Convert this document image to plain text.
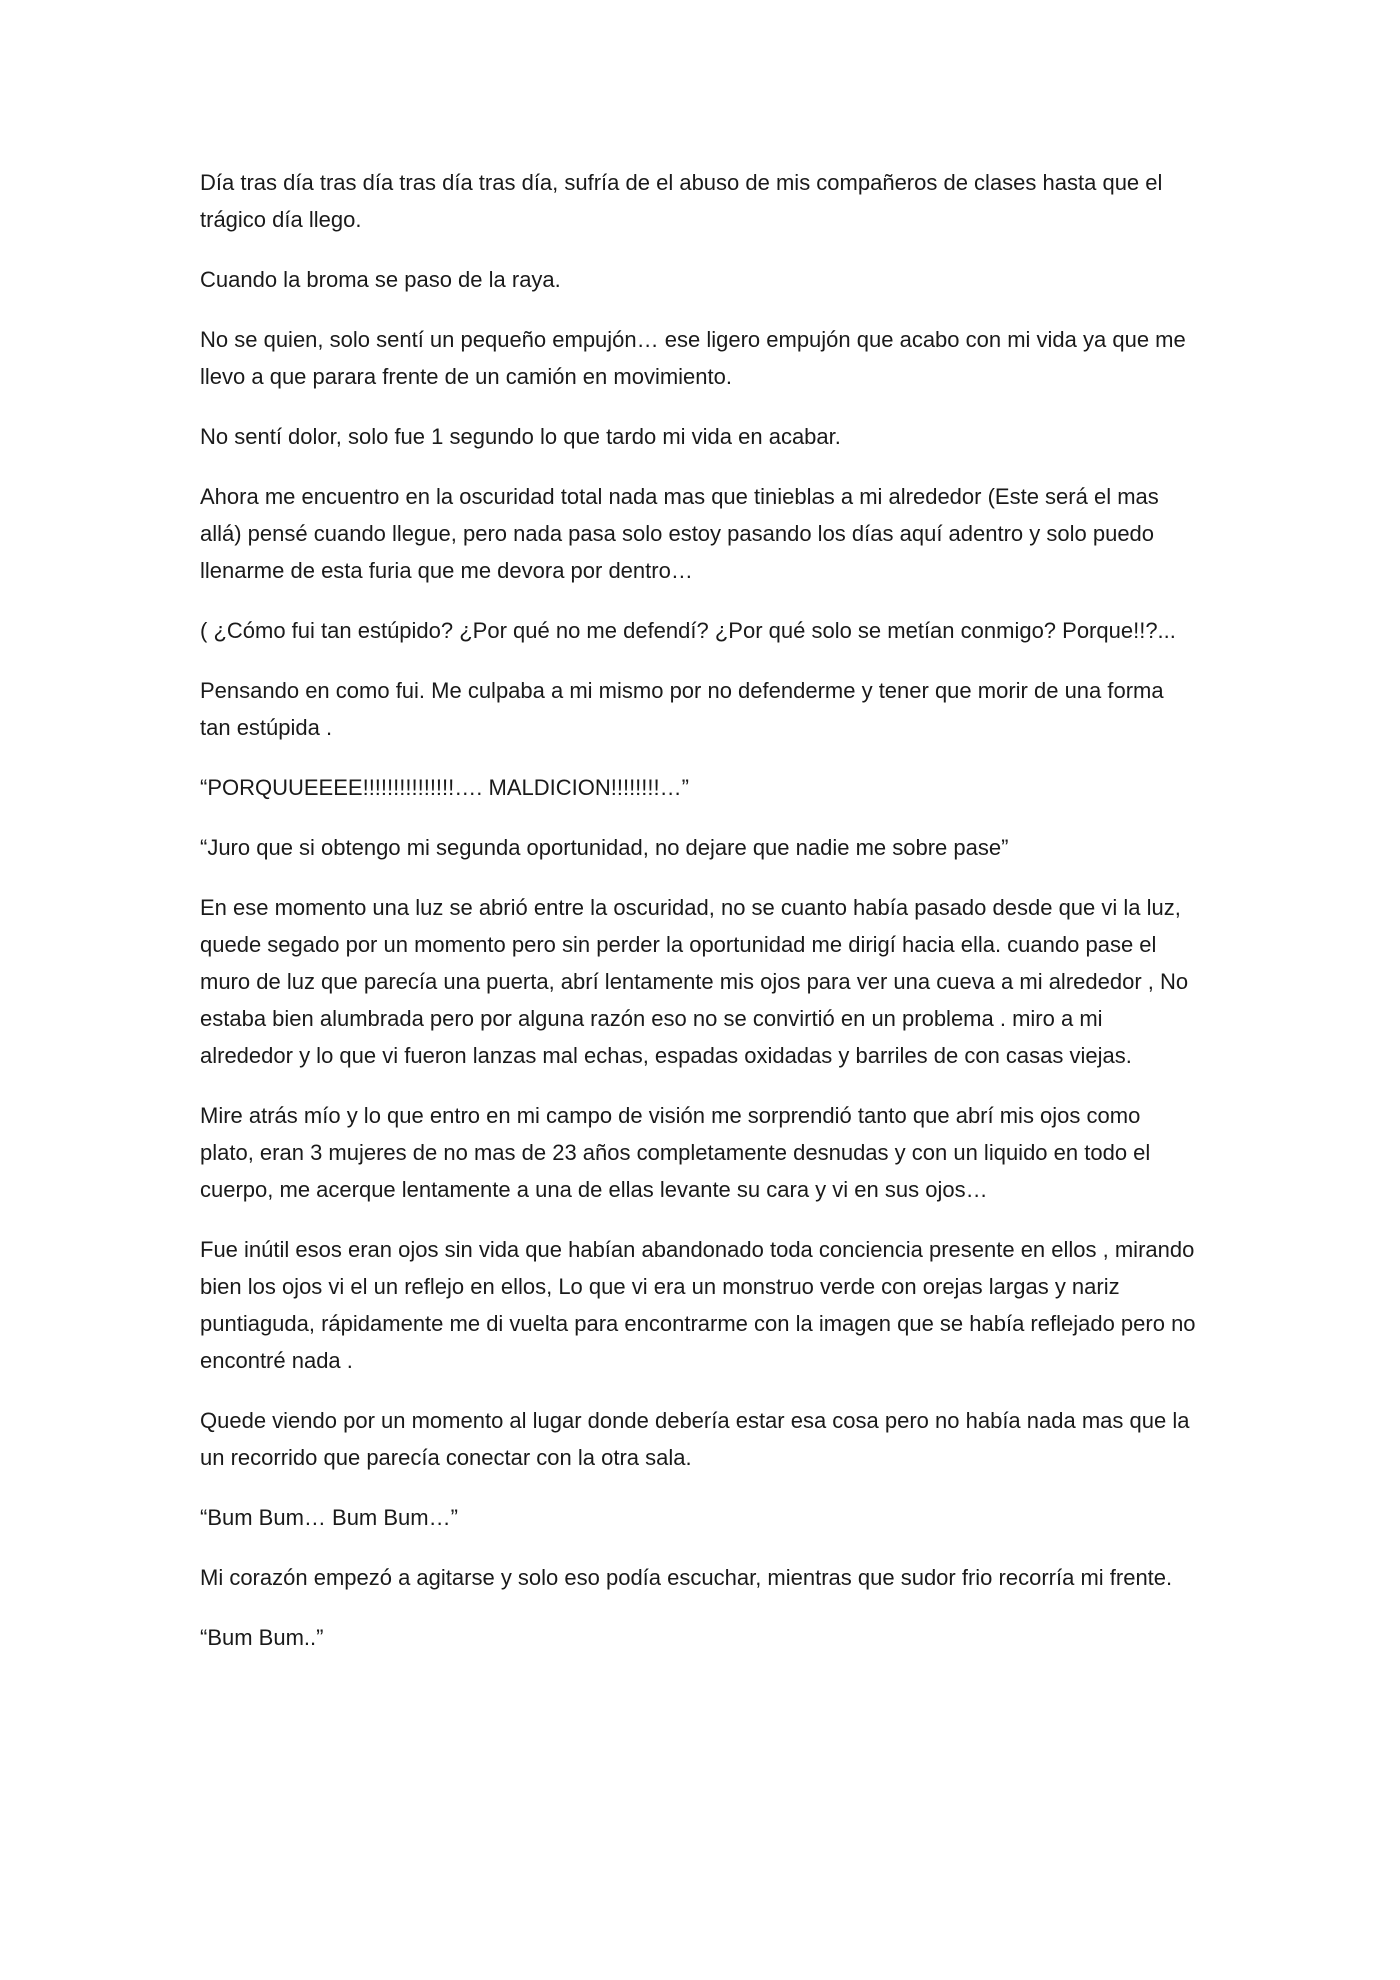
Día tras día tras día tras día tras día, sufría de el abuso de mis compañeros de clases hasta que el trágico día llego.

Cuando la broma se paso de la raya.

No se quien, solo sentí un pequeño empujón… ese ligero empujón que acabo con mi vida ya que me llevo a que parara frente de un camión en movimiento.

No sentí dolor, solo fue 1 segundo lo que tardo mi vida en acabar.

Ahora me encuentro en la oscuridad total nada mas que tinieblas a mi alrededor (Este será el mas allá) pensé cuando llegue, pero nada pasa solo estoy pasando los días aquí adentro y solo puedo llenarme de esta furia que me devora por dentro…

( ¿Cómo fui tan estúpido? ¿Por qué no me defendí? ¿Por qué solo se metían conmigo? Porque!!?...

Pensando en como fui. Me culpaba a mi mismo por no defenderme y tener que morir de una forma tan estúpida .

“PORQUUEEEE!!!!!!!!!!!!!!!…. MALDICION!!!!!!!!…”

“Juro que si obtengo mi segunda oportunidad, no dejare que nadie me sobre pase”

En ese momento una luz se abrió entre la oscuridad, no se cuanto había pasado desde que vi la luz, quede segado por un momento pero sin perder la oportunidad me dirigí hacia ella. cuando pase el muro de luz que parecía una puerta, abrí lentamente mis ojos para ver una cueva a mi alrededor , No estaba bien alumbrada pero por alguna razón eso no se convirtió en un problema . miro a mi alrededor y lo que vi fueron lanzas mal echas, espadas oxidadas y barriles de con casas viejas.

Mire atrás mío y lo que entro en mi campo de visión me sorprendió tanto que abrí mis ojos como plato, eran 3 mujeres de no mas de 23 años completamente desnudas y con un liquido en todo el cuerpo, me acerque lentamente a una de ellas levante su cara y vi en sus ojos…

Fue inútil esos eran ojos sin vida que habían abandonado toda conciencia presente en ellos , mirando bien los ojos vi el un reflejo en ellos, Lo que vi era un monstruo verde con orejas largas y nariz puntiaguda, rápidamente me di vuelta para encontrarme con la imagen que se había reflejado pero no encontré nada .

Quede viendo por un momento al lugar donde debería estar esa cosa pero no había nada mas que la un recorrido que parecía conectar con la otra sala.

“Bum Bum… Bum Bum…”

Mi corazón empezó a agitarse y solo eso podía escuchar, mientras que sudor frio recorría mi frente.

“Bum Bum..”
